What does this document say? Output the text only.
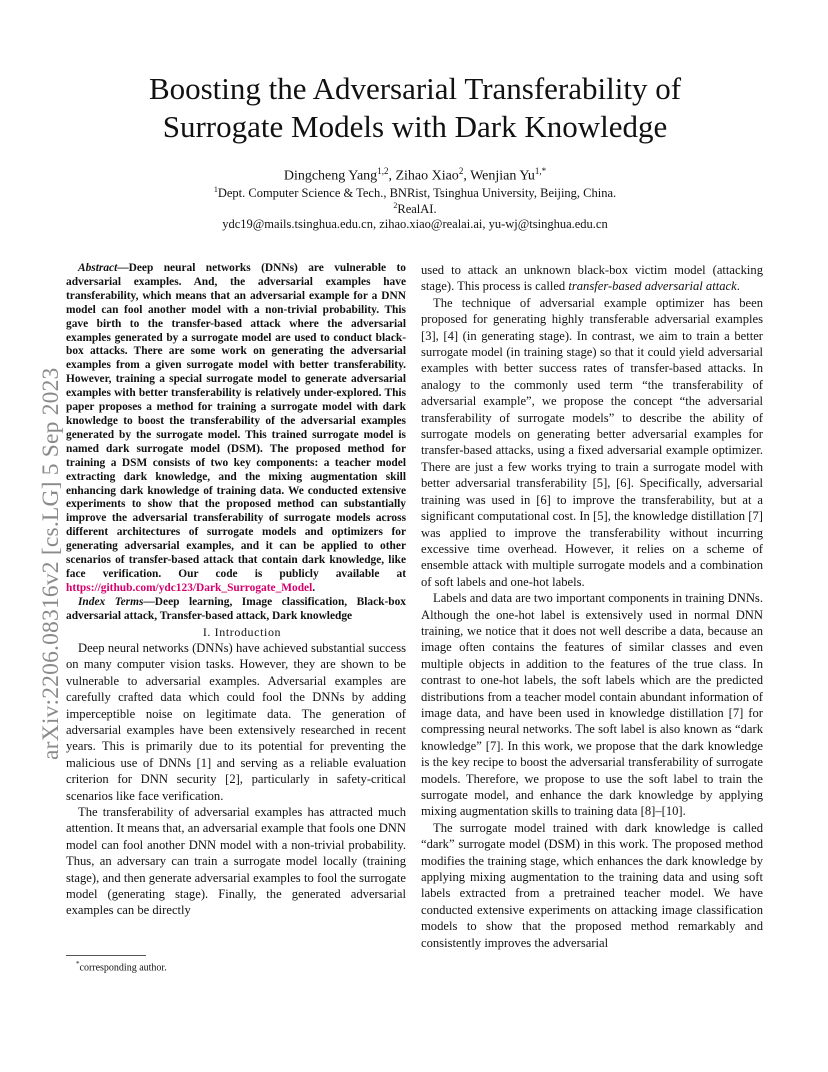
arXiv:2206.08316v2 [cs.LG] 5 Sep 2023
Boosting the Adversarial Transferability of
Surrogate Models with Dark Knowledge
Dingcheng Yang$^{1,2}$, Zihao Xiao$^2$, Wenjian $Yu^{1,*}$
$^1$Dept. Computer Science & Tech., BNRist, Tsinghua University, Beijing, China.
$^2$RealAI.
ydc19@mails.tsinghua.edu.cn, zihao.xiao@realai.ai, yu-wj@tsinghua.edu.cn

Abstract—Deep neural networks (DNNs) are vulnerable to adversarial examples. And, the adversarial examples have transferability, which means that an adversarial example for a DNN model can fool another model with a non-trivial probability. This gave birth to the transfer-based attack where the adversarial examples generated by a surrogate model are used to conduct black-box attacks. There are some work on generating the adversarial examples from a given surrogate model with better transferability. However, training a special surrogate model to generate adversarial examples with better transferability is relatively under-explored. This paper proposes a method for training a surrogate model with dark knowledge to boost the transferability of the adversarial examples generated by the surrogate model. This trained surrogate model is named dark surrogate model (DSM). The proposed method for training a DSM consists of two key components: a teacher model extracting dark knowledge, and the mixing augmentation skill enhancing dark knowledge of training data. We conducted extensive experiments to show that the proposed method can substantially improve the adversarial transferability of surrogate models across different architectures of surrogate models and optimizers for generating adversarial examples, and it can be applied to other scenarios of transfer-based attack that contain dark knowledge, like face verification. Our code is publicly available at https://github.com/ydc123/Dark_Surrogate_Model.

Index Terms—Deep learning, Image classification, Black-box adversarial attack, Transfer-based attack, Dark knowledge

I. Introduction

Deep neural networks (DNNs) have achieved substantial success on many computer vision tasks. However, they are shown to be vulnerable to adversarial examples. Adversarial examples are carefully crafted data which could fool the DNNs by adding imperceptible noise on legitimate data. The generation of adversarial examples have been extensively researched in recent years. This is primarily due to its potential for preventing the malicious use of DNNs [1] and serving as a reliable evaluation criterion for DNN security [2], particularly in safety-critical scenarios like face verification.

The transferability of adversarial examples has attracted much attention. It means that, an adversarial example that fools one DNN model can fool another DNN model with a non-trivial probability. Thus, an adversary can train a surrogate model locally (training stage), and then generate adversarial examples to fool the surrogate model (generating stage). Finally, the generated adversarial examples can be directly

used to attack an unknown black-box victim model (attacking stage). This process is called transfer-based adversarial attack.

The technique of adversarial example optimizer has been proposed for generating highly transferable adversarial examples [3], [4] (in generating stage). In contrast, we aim to train a better surrogate model (in training stage) so that it could yield adversarial examples with better success rates of transfer-based attacks. In analogy to the commonly used term “the transferability of adversarial example”, we propose the concept “the adversarial transferability of surrogate models” to describe the ability of surrogate models on generating better adversarial examples for transfer-based attacks, using a fixed adversarial example optimizer. There are just a few works trying to train a surrogate model with better adversarial transferability [5], [6]. Specifically, adversarial training was used in [6] to improve the transferability, but at a significant computational cost. In [5], the knowledge distillation [7] was applied to improve the transferability without incurring excessive time overhead. However, it relies on a scheme of ensemble attack with multiple surrogate models and a combination of soft labels and one-hot labels.

Labels and data are two important components in training DNNs. Although the one-hot label is extensively used in normal DNN training, we notice that it does not well describe a data, because an image often contains the features of similar classes and even multiple objects in addition to the features of the true class. In contrast to one-hot labels, the soft labels which are the predicted distributions from a teacher model contain abundant information of image data, and have been used in knowledge distillation [7] for compressing neural networks. The soft label is also known as “dark knowledge” [7]. In this work, we propose that the dark knowledge is the key recipe to boost the adversarial transferability of surrogate models. Therefore, we propose to use the soft label to train the surrogate model, and enhance the dark knowledge by applying mixing augmentation skills to training data [8]–[10].

The surrogate model trained with dark knowledge is called “dark” surrogate model (DSM) in this work. The proposed method modifies the training stage, which enhances the dark knowledge by applying mixing augmentation to the training data and using soft labels extracted from a pretrained teacher model. We have conducted extensive experiments on attacking image classification models to show that the proposed method remarkably and consistently improves the adversarial

*corresponding author.
